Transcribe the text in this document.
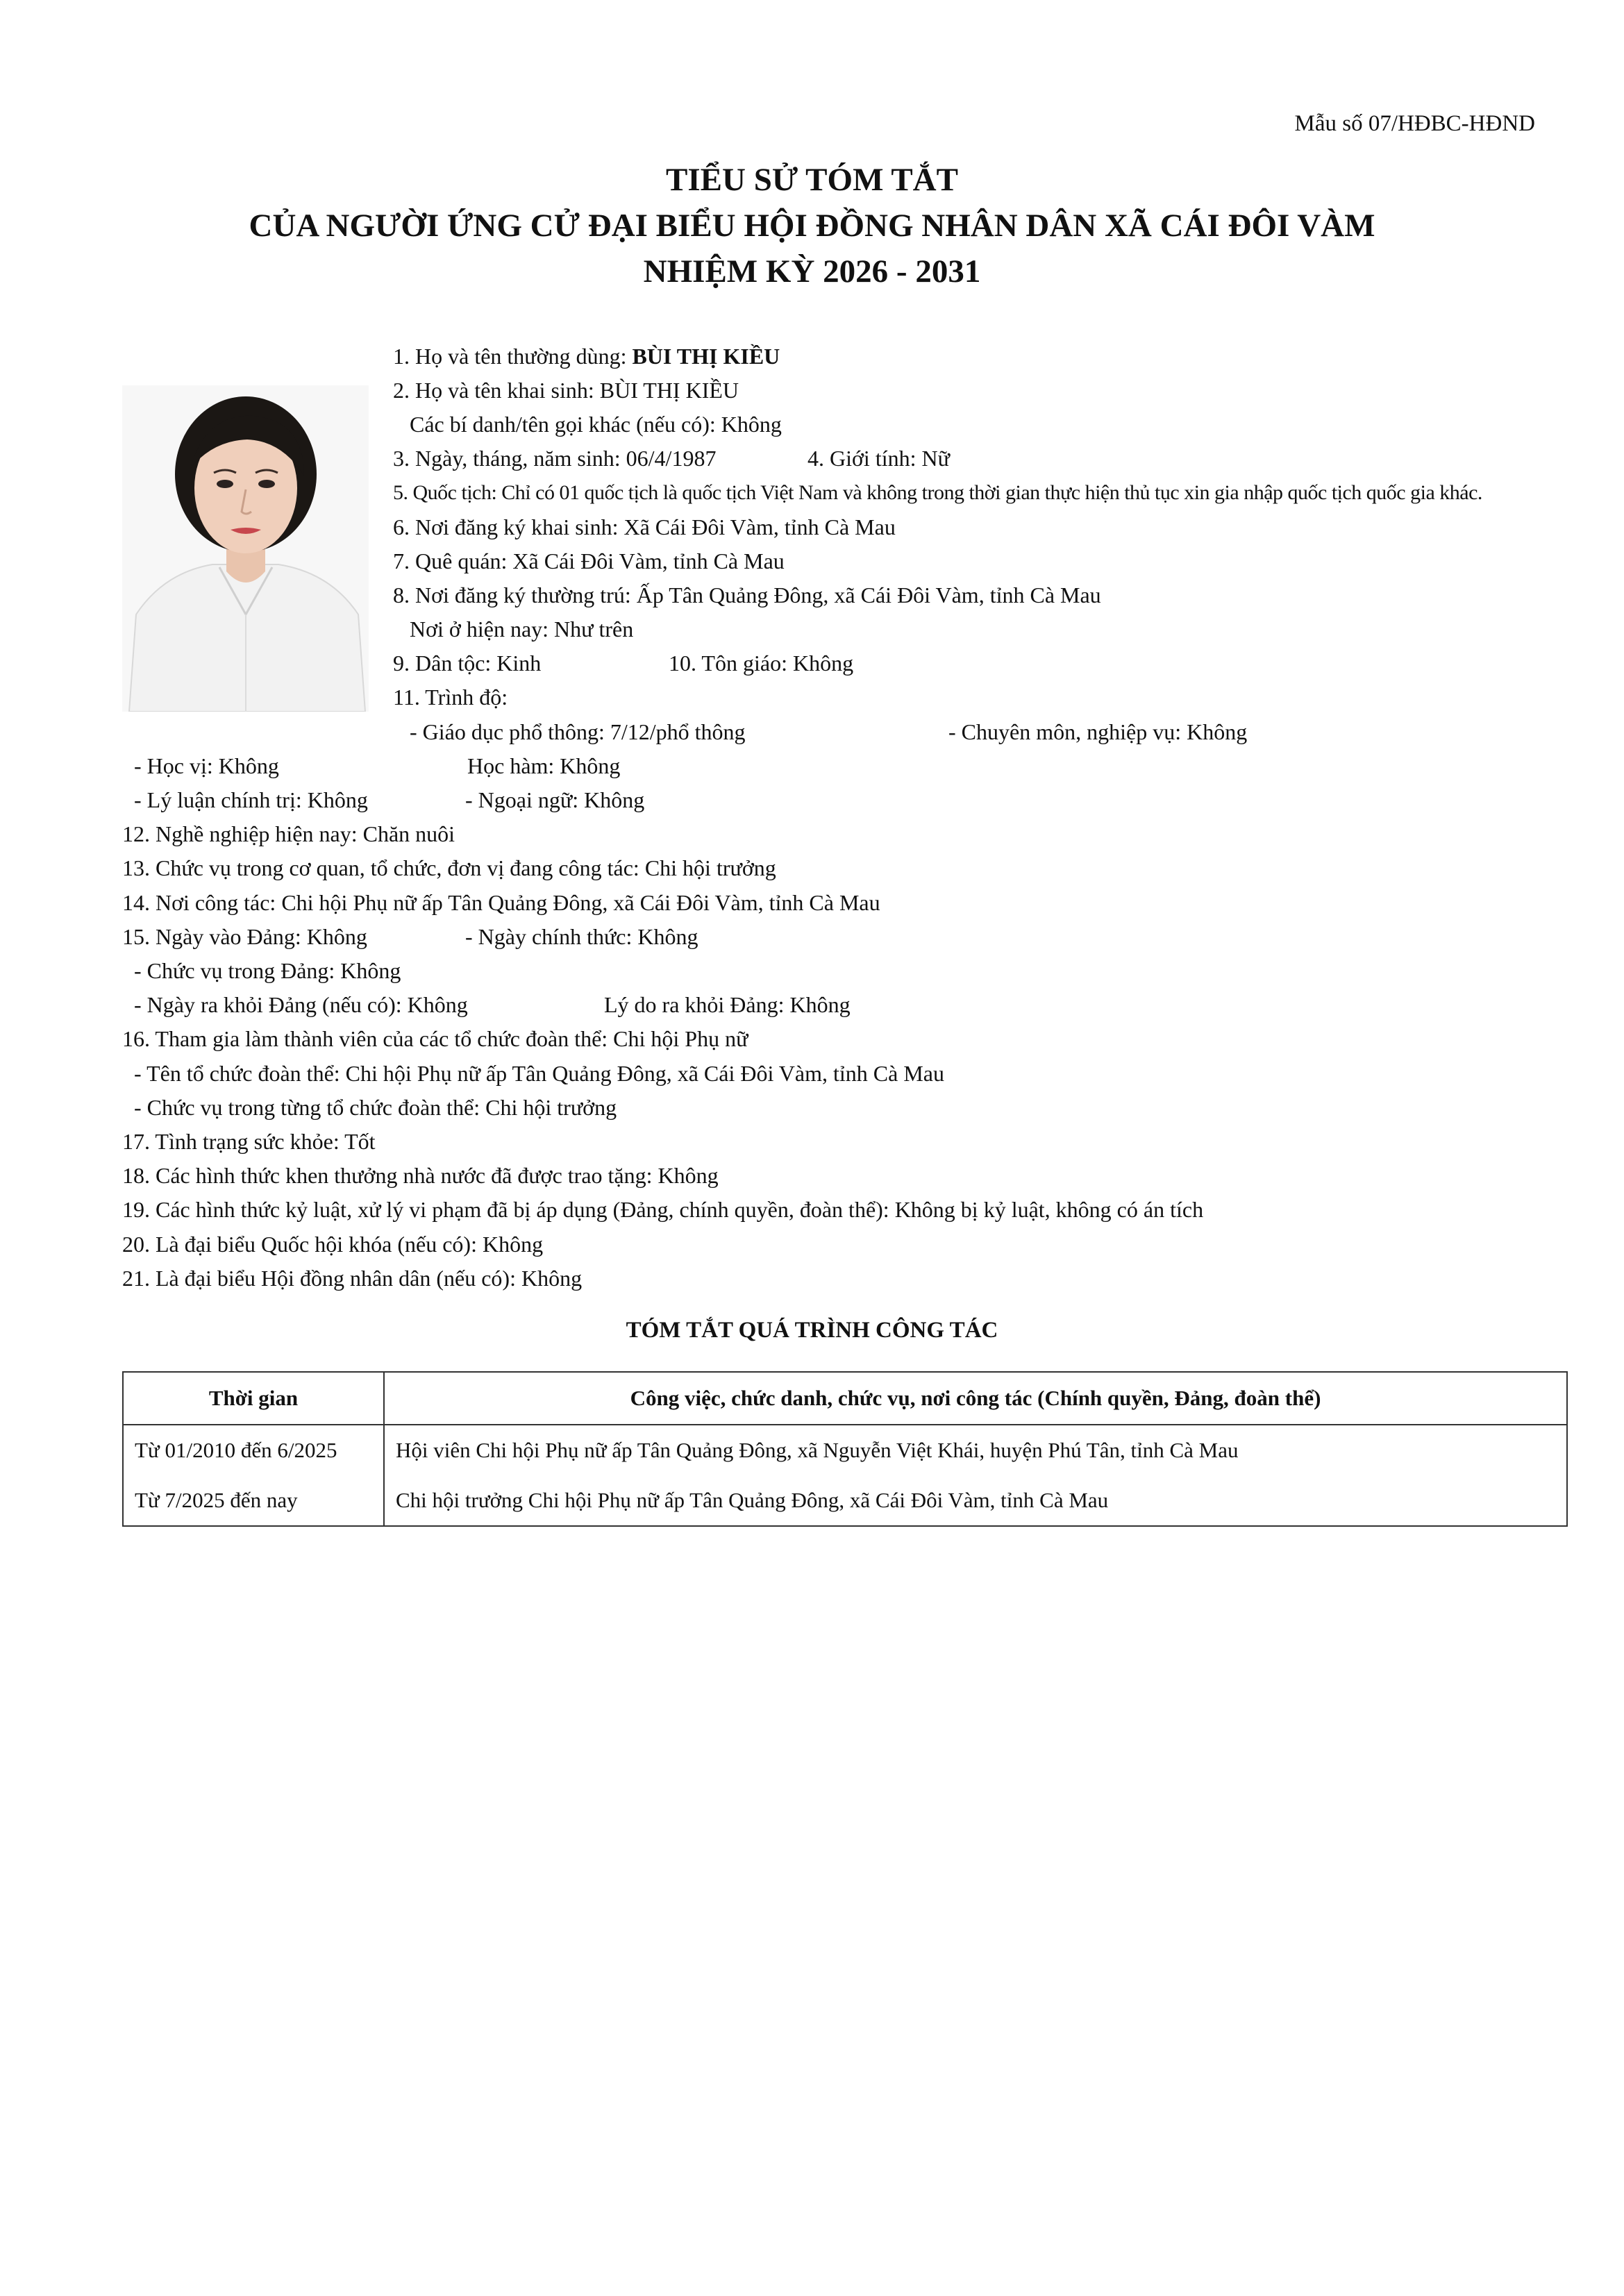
Mẫu số 07/HĐBC-HĐND
TIỂU SỬ TÓM TẮT
CỦA NGƯỜI ỨNG CỬ ĐẠI BIỂU HỘI ĐỒNG NHÂN DÂN XÃ CÁI ĐÔI VÀM
NHIỆM KỲ 2026 - 2031
1. Họ và tên thường dùng: BÙI THỊ KIỀU
2. Họ và tên khai sinh: BÙI THỊ KIỀU
Các bí danh/tên gọi khác (nếu có): Không
3. Ngày, tháng, năm sinh: 06/4/1987	4. Giới tính: Nữ
5. Quốc tịch: Chỉ có 01 quốc tịch là quốc tịch Việt Nam và không trong thời gian thực hiện thủ tục xin gia nhập quốc tịch quốc gia khác.
6. Nơi đăng ký khai sinh: Xã Cái Đôi Vàm, tỉnh Cà Mau
7. Quê quán: Xã Cái Đôi Vàm, tỉnh Cà Mau
8. Nơi đăng ký thường trú: Ấp Tân Quảng Đông, xã Cái Đôi Vàm, tỉnh Cà Mau
Nơi ở hiện nay: Như trên
9. Dân tộc: Kinh	10. Tôn giáo: Không
11. Trình độ:
- Giáo dục phổ thông: 7/12/phổ thông	- Chuyên môn, nghiệp vụ: Không
- Học vị: Không	Học hàm: Không
- Lý luận chính trị: Không	- Ngoại ngữ: Không
12. Nghề nghiệp hiện nay: Chăn nuôi
13. Chức vụ trong cơ quan, tổ chức, đơn vị đang công tác: Chi hội trưởng
14. Nơi công tác: Chi hội Phụ nữ ấp Tân Quảng Đông, xã Cái Đôi Vàm, tỉnh Cà Mau
15. Ngày vào Đảng: Không	- Ngày chính thức: Không
- Chức vụ trong Đảng: Không
- Ngày ra khỏi Đảng (nếu có): Không	Lý do ra khỏi Đảng: Không
16. Tham gia làm thành viên của các tổ chức đoàn thể: Chi hội Phụ nữ
- Tên tổ chức đoàn thể: Chi hội Phụ nữ ấp Tân Quảng Đông, xã Cái Đôi Vàm, tỉnh Cà Mau
- Chức vụ trong từng tổ chức đoàn thể: Chi hội trưởng
17. Tình trạng sức khỏe: Tốt
18. Các hình thức khen thưởng nhà nước đã được trao tặng: Không
19. Các hình thức kỷ luật, xử lý vi phạm đã bị áp dụng (Đảng, chính quyền, đoàn thể): Không bị kỷ luật, không có án tích
20. Là đại biểu Quốc hội khóa (nếu có): Không
21. Là đại biểu Hội đồng nhân dân (nếu có): Không
TÓM TẮT QUÁ TRÌNH CÔNG TÁC
Thời gian	Công việc, chức danh, chức vụ, nơi công tác (Chính quyền, Đảng, đoàn thể)
Từ 01/2010 đến 6/2025	Hội viên Chi hội Phụ nữ ấp Tân Quảng Đông, xã Nguyễn Việt Khái, huyện Phú Tân, tỉnh Cà Mau
Từ 7/2025 đến nay	Chi hội trưởng Chi hội Phụ nữ ấp Tân Quảng Đông, xã Cái Đôi Vàm, tỉnh Cà Mau
